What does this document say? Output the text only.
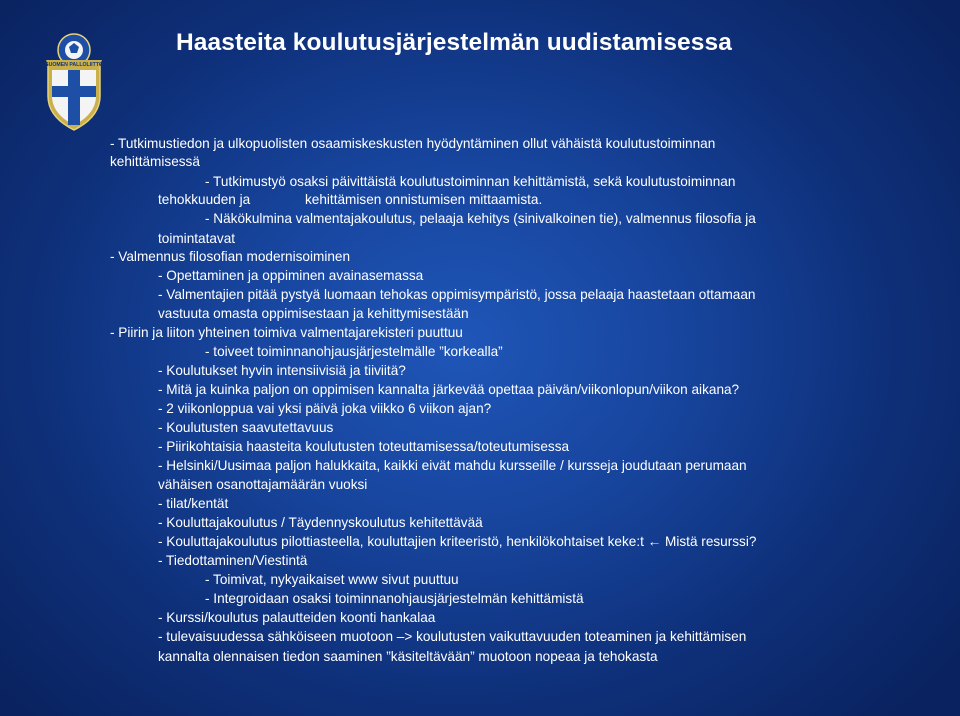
SUOMEN PALLOLIITTO
Haasteita koulutusjärjestelmän uudistamisessa

- Tutkimustiedon ja ulkopuolisten osaamiskeskusten hyödyntäminen ollut vähäistä koulutustoiminnan

kehittämisessä

- Tutkimustyö osaksi päivittäistä koulutustoiminnan kehittämistä, sekä koulutustoiminnan

tehokkuuden ja	kehittämisen onnistumisen mittaamista.

- Näkökulmina valmentajakoulutus, pelaaja kehitys (sinivalkoinen tie), valmennus filosofia ja

toimintatavat

- Valmennus filosofian modernisoiminen

- Opettaminen ja oppiminen avainasemassa

- Valmentajien pitää pystyä luomaan tehokas oppimisympäristö, jossa pelaaja haastetaan ottamaan

vastuuta omasta oppimisestaan ja kehittymisestään

- Piirin ja liiton yhteinen toimiva valmentajarekisteri puuttuu

- toiveet toiminnanohjausjärjestelmälle ”korkealla”

- Koulutukset hyvin intensiivisiä ja tiiviitä?

- Mitä ja kuinka paljon on oppimisen kannalta järkevää opettaa päivän/viikonlopun/viikon aikana?

- 2 viikonloppua vai yksi päivä joka viikko 6 viikon ajan?

- Koulutusten saavutettavuus

- Piirikohtaisia haasteita koulutusten toteuttamisessa/toteutumisessa

- Helsinki/Uusimaa paljon halukkaita, kaikki eivät mahdu kursseille / kursseja joudutaan perumaan

vähäisen osanottajamäärän vuoksi

- tilat/kentät

- Kouluttajakoulutus / Täydennyskoulutus kehitettävää

- Kouluttajakoulutus pilottiasteella, kouluttajien kriteeristö, henkilökohtaiset keke:t ← Mistä resurssi?

- Tiedottaminen/Viestintä

- Toimivat, nykyaikaiset www sivut puuttuu

- Integroidaan osaksi toiminnanohjausjärjestelmän kehittämistä

- Kurssi/koulutus palautteiden koonti hankalaa

- tulevaisuudessa sähköiseen muotoon –> koulutusten vaikuttavuuden toteaminen ja kehittämisen

kannalta olennaisen tiedon saaminen ”käsiteltävään” muotoon nopeaa ja tehokasta
